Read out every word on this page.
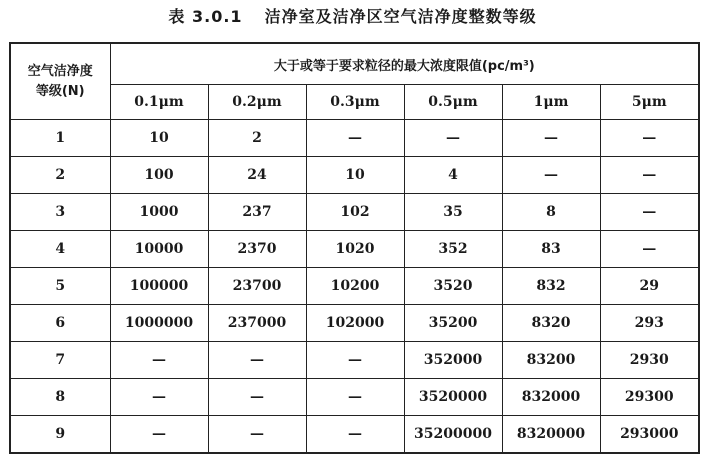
表 3.0.1 洁净室及洁净区空气洁净度整数等级
空气洁净度
等级(N)	大于或等于要求粒径的最大浓度限值(pc/m³)					
	0.1μm	0.2μm	0.3μm	0.5μm	1μm	5μm
1	10	2	—	—	—	—
2	100	24	10	4	—	—
3	1000	237	102	35	8	—
4	10000	2370	1020	352	83	—
5	100000	23700	10200	3520	832	29
6	1000000	237000	102000	35200	8320	293
7	—	—	—	352000	83200	2930
8	—	—	—	3520000	832000	29300
9	—	—	—	35200000	8320000	293000
